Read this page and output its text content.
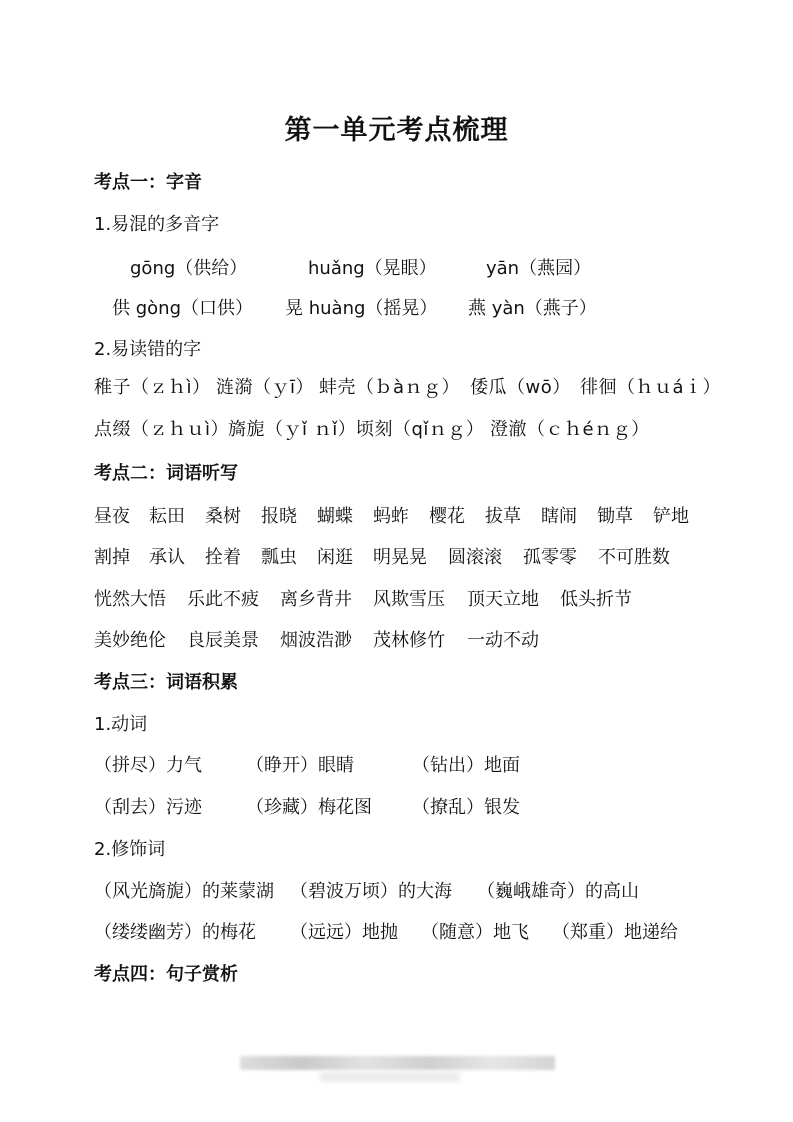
第一单元考点梳理
考点一：字音
1.易混的多音字
gōng（供给）	huǎng（晃眼）	yān（燕园）
供 gòng（口供） 晃 huàng（摇晃） 燕 yàn（燕子）
2.易读错的字
稚子（ｚｈì） 涟漪（ｙī） 蚌壳（ｂàｎｇ） 倭瓜（wō） 徘徊（ｈｕáｉ）
点缀（ｚｈｕì）
旖旎（ｙǐ ｎǐ） 顷刻（qǐｎｇ） 澄澈（ｃｈéｎｇ）
考点二：词语听写
昼夜 耘田 桑树 报晓 蝴蝶 蚂蚱 樱花 拔草 瞎闹 锄草 铲地
割掉 承认 拴着 瓢虫 闲逛 明晃晃 圆滚滚 孤零零 不可胜数
恍然大悟 乐此不疲 离乡背井 风欺雪压 顶天立地 低头折节
美妙绝伦 良辰美景 烟波浩渺 茂林修竹 一动不动
考点三：词语积累
1.动词
（拼尽）力气 （睁开）眼睛	（钻出）地面
（刮去）污迹 （珍藏）梅花图 （撩乱）银发
2.修饰词
（风光旖旎）的莱蒙湖 （碧波万顷）的大海 （巍峨雄奇）的高山
（缕缕幽芳）的梅花 （远远）地抛 （随意）地飞 （郑重）地递给
考点四：句子赏析
